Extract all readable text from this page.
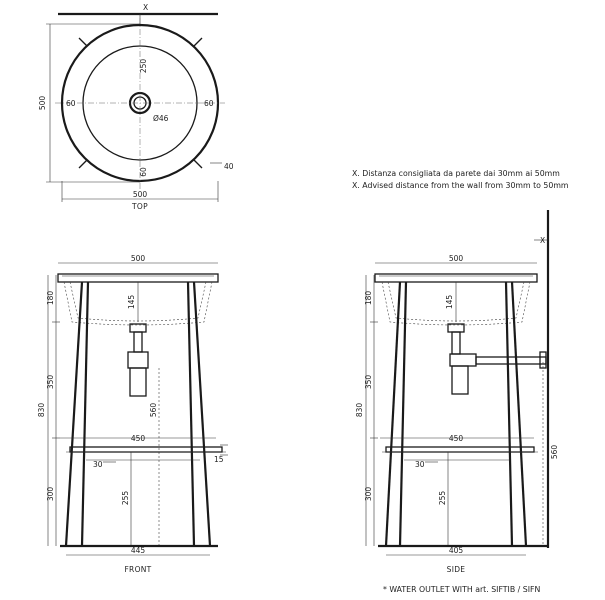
X
250
60	60
60
Ø46
40
500
500
TOP
X. Distanza consigliata da parete dai 30mm ai 50mm
X. Advised distance from the wall from 30mm to 50mm
500
145
560
450
15
30
255
445
FRONT
830
180
350
300
X
500
145
560
450
30
255
405
SIDE
830
180
350
300
* WATER OUTLET WITH art. SIFTIB / SIFN
